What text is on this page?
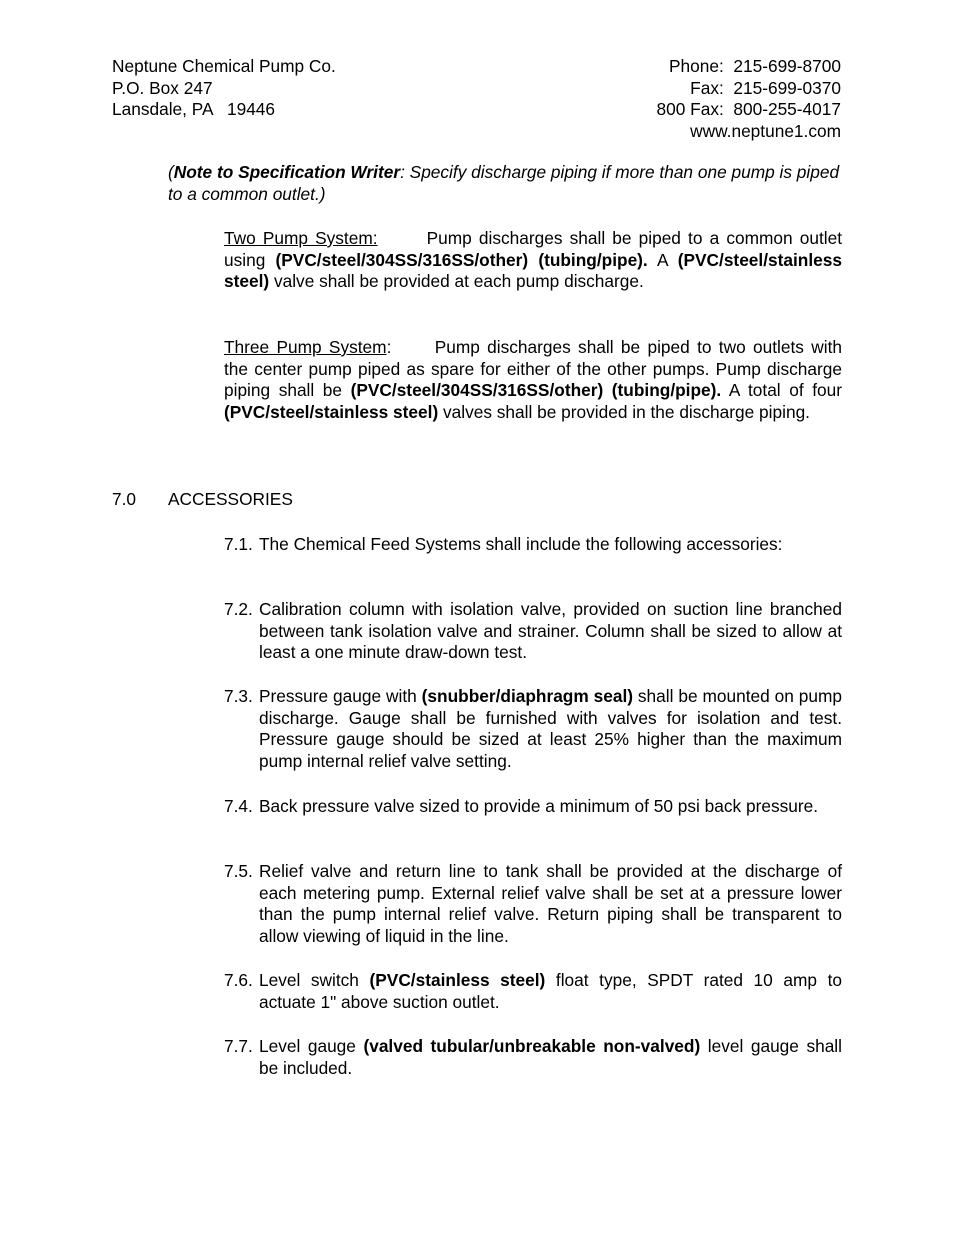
Neptune Chemical Pump Co.
P.O. Box 247
Lansdale, PA   19446
Phone: 215-699-8700
Fax: 215-699-0370
800 Fax: 800-255-4017
www.neptune1.com
(Note to Specification Writer: Specify discharge piping if more than one pump is piped to a common outlet.)
Two Pump System: Pump discharges shall be piped to a common outlet using (PVC/steel/304SS/316SS/other) (tubing/pipe). A (PVC/steel/stainless steel) valve shall be provided at each pump discharge.
Three Pump System: Pump discharges shall be piped to two outlets with the center pump piped as spare for either of the other pumps. Pump discharge piping shall be (PVC/steel/304SS/316SS/other) (tubing/pipe). A total of four (PVC/steel/stainless steel) valves shall be provided in the discharge piping.
7.0 ACCESSORIES
7.1. The Chemical Feed Systems shall include the following accessories:
7.2. Calibration column with isolation valve, provided on suction line branched between tank isolation valve and strainer. Column shall be sized to allow at least a one minute draw-down test.
7.3. Pressure gauge with (snubber/diaphragm seal) shall be mounted on pump discharge. Gauge shall be furnished with valves for isolation and test. Pressure gauge should be sized at least 25% higher than the maximum pump internal relief valve setting.
7.4. Back pressure valve sized to provide a minimum of 50 psi back pressure.
7.5. Relief valve and return line to tank shall be provided at the discharge of each metering pump. External relief valve shall be set at a pressure lower than the pump internal relief valve. Return piping shall be transparent to allow viewing of liquid in the line.
7.6. Level switch (PVC/stainless steel) float type, SPDT rated 10 amp to actuate 1" above suction outlet.
7.7. Level gauge (valved tubular/unbreakable non-valved) level gauge shall be included.
